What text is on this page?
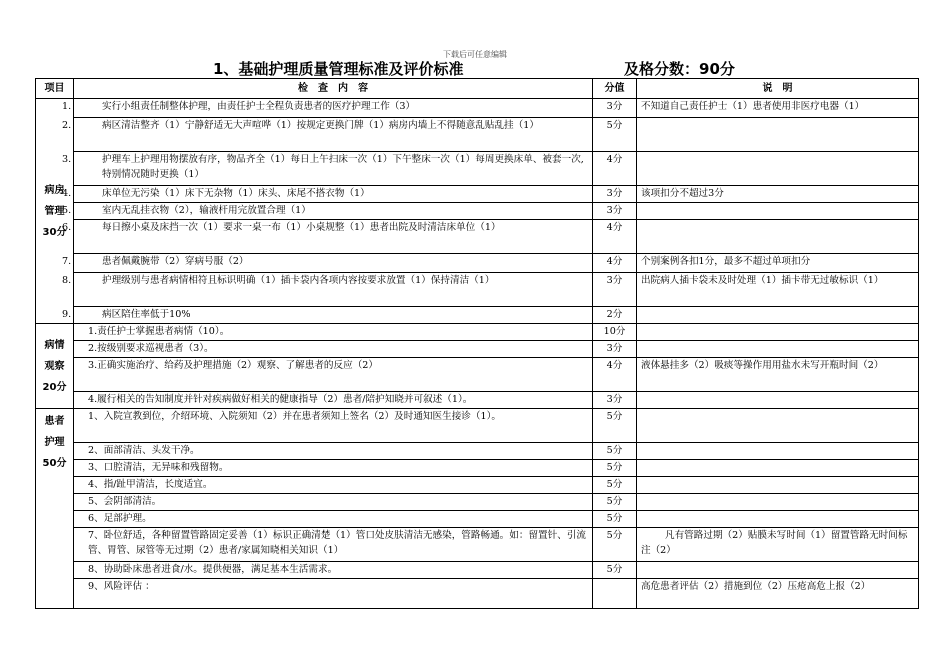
下载后可任意编辑
1、基础护理质量管理标准及评价标准	及格分数：90分
项目	检　查　内　容	分值	说　明

病房
管理
30分	1. 实行小组责任制整体护理，由责任护士全程负责患者的医疗护理工作（3）	3分	不知道自己责任护士（1）患者使用非医疗电器（1）

	2. 病区清洁整齐（1）宁静舒适无大声喧哗（1）按规定更换门牌（1）病房内墙上不得随意乱贴乱挂（1）	5分	

	3. 护理车上护理用物摆放有序，物品齐全（1）每日上午扫床一次（1）下午整床一次（1）每周更换床单、被套一次,特别情况随时更换（1）	4分	

	4. 床单位无污染（1）床下无杂物（1）床头、床尾不搭衣物（1）	3分	该项扣分不超过3分

	5. 室内无乱挂衣物（2），输液杆用完放置合理（1）	3分	

	6. 每日擦小桌及床挡一次（1）要求一桌一布（1）小桌规整（1）患者出院及时清洁床单位（1）	4分	

	7. 患者佩戴腕带（2）穿病号服（2）	4分	个别案例各扣1分，最多不超过单项扣分

	8. 护理级别与患者病情相符且标识明确（1）插卡袋内各项内容按要求放置（1）保持清洁（1）	3分	出院病人插卡袋未及时处理（1）插卡带无过敏标识（1）

	9. 病区陪住率低于10%	2分	

病情
观察
20分	1.责任护士掌握患者病情（10）。	10分	

	2.按级别要求巡视患者（3）。	3分	

	3.正确实施治疗、给药及护理措施（2）观察、了解患者的反应（2）	4分	液体悬挂多（2）吸痰等操作用用盐水未写开瓶时间（2）

	4.履行相关的告知制度并针对疾病做好相关的健康指导（2）患者/陪护知晓并可叙述（1）。	3分	

患者
护理
50分	1、入院宣教到位，介绍环境、入院须知（2）并在患者须知上签名（2）及时通知医生接诊（1）。	5分	

	2、面部清洁、头发干净。	5分	

	3、口腔清洁，无异味和残留物。	5分	

	4、指/趾甲清洁，长度适宜。	5分	

	5、会阴部清洁。	5分	

	6、足部护理。	5分	

	7、卧位舒适，各种留置管路固定妥善（1）标识正确清楚（1）管口处皮肤清洁无感染，管路畅通。如：留置针、引流管、胃管、尿管等无过期（2）患者/家属知晓相关知识（1）	5分	凡有管路过期（2）贴膜未写时间（1）留置管路无时间标注（2）

	8、协助卧床患者进食/水。提供便器，满足基本生活需求。	5分	

	9、风险评估 ：		高危患者评估（2）措施到位（2）压疮高危上报（2）
